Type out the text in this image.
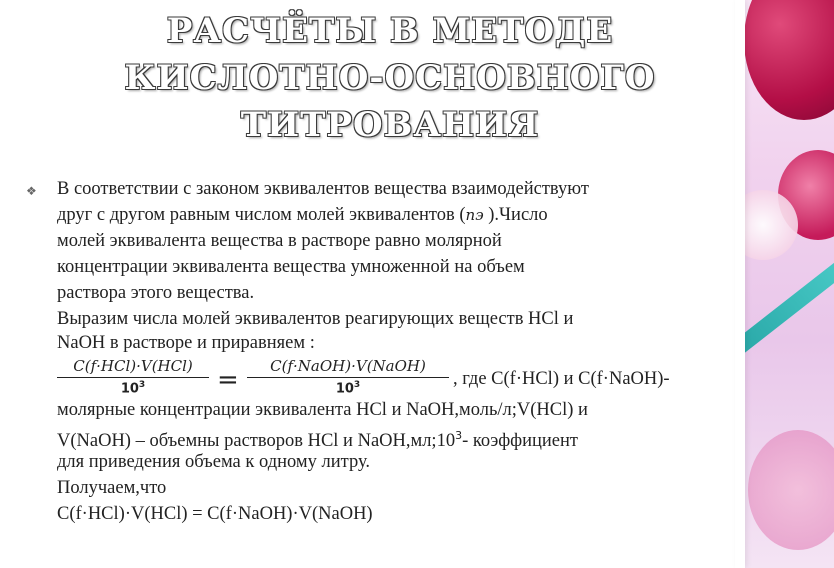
РАСЧЁТЫ В МЕТОДЕ
КИСЛОТНО-ОСНОВНОГО
ТИТРОВАНИЯ
❖ В соответствии с законом эквивалентов вещества взаимодействуют
друг с другом равным числом молей эквивалентов (nэ ).Число
молей эквивалента вещества в растворе равно молярной
концентрации эквивалента вещества умноженной на объем
раствора этого вещества.
Выразим числа молей эквивалентов реагирующих веществ HCl и
NaOH в растворе и приравняем :
C(f·HCl)·V(HCl)
$10^3$	=	C(f·NaOH)·V(NaOH)
$10^3$	, где C(f·HCl) и C(f·NaOH)-
молярные концентрации эквивалента HCl и NaOH,моль/л;V(HCl) и
V(NaOH) – объемны растворов HCl и $NaOH,мл;10^3-$ коэффициент
для приведения объема к одному литру.
Получаем,что
C(f·HCl)·V(HCl) = C(f·NaOH)·V(NaOH)
